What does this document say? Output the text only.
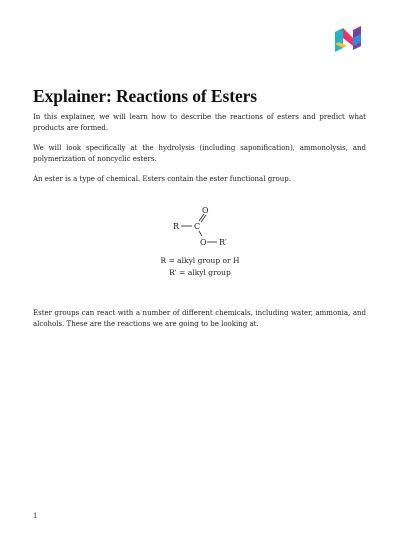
Explainer: Reactions of Esters

In this explainer, we will learn how to describe the reactions of esters and predict what products are formed.

We will look specifically at the hydrolysis (including saponification), ammonolysis, and polymerization of noncyclic esters.

An ester is a type of chemical. Esters contain the ester functional group.

R C
O
O R′
R = alkyl group or H
R’ = alkyl group

Ester groups can react with a number of different chemicals, including water, ammonia, and alcohols. These are the reactions we are going to be looking at.

1
